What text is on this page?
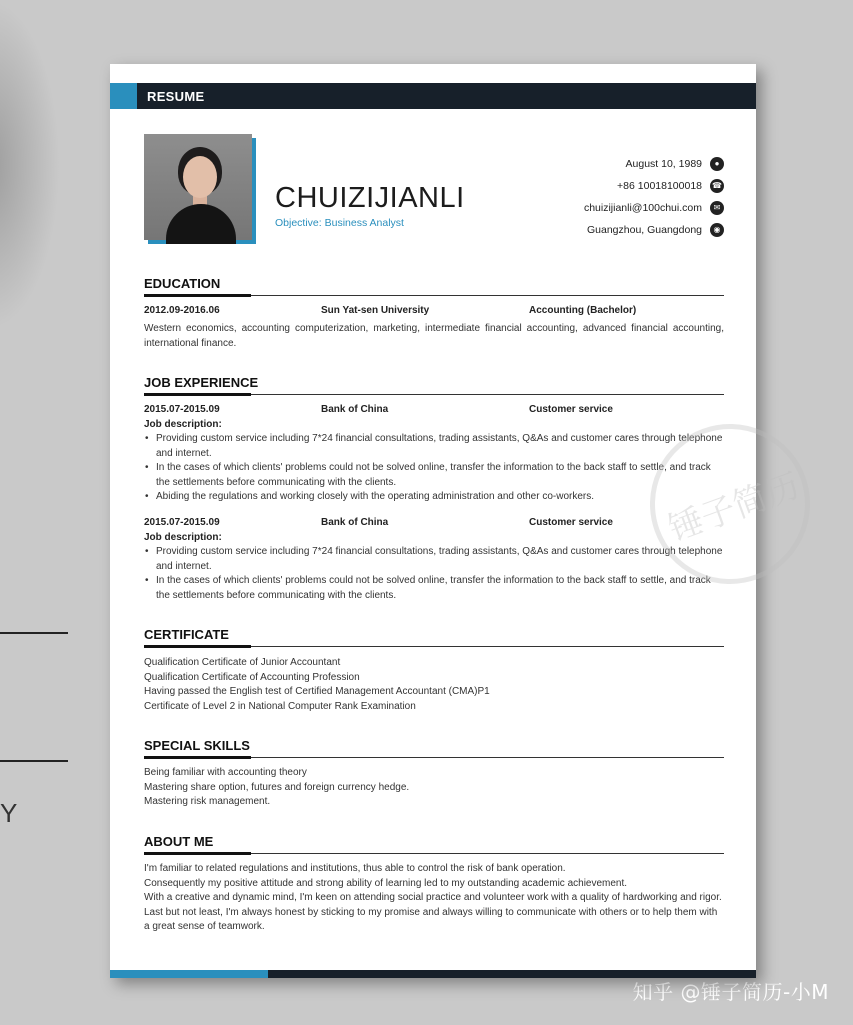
Y
知乎 @锤子简历-小M
RESUME
CHUIZIJIANLI
Objective: Business Analyst
August 10, 1989	●
+86 10018100018 ☎
chuizijianli@100chui.com	✉
Guangzhou, Guangdong	◉
EDUCATION
2012.09-2016.06	Sun Yat-sen University	Accounting (Bachelor)
Western economics, accounting computerization, marketing, intermediate financial accounting, advanced financial accounting, international finance.
JOB EXPERIENCE
2015.07-2015.09	Bank of China	Customer service
Job description:
• Providing custom service including 7*24 financial consultations, trading assistants, Q&As and customer cares through telephone and internet.
• In the cases of which clients' problems could not be solved online, transfer the information to the back staff to settle, and track the settlements before communicating with the clients.
• Abiding the regulations and working closely with the operating administration and other co-workers.
2015.07-2015.09	Bank of China	Customer service
Job description:
• Providing custom service including 7*24 financial consultations, trading assistants, Q&As and customer cares through telephone and internet.
• In the cases of which clients' problems could not be solved online, transfer the information to the back staff to settle, and track the settlements before communicating with the clients.
CERTIFICATE
Qualification Certificate of Junior Accountant
Qualification Certificate of Accounting Profession
Having passed the English test of Certified Management Accountant (CMA)P1
Certificate of Level 2 in National Computer Rank Examination
SPECIAL SKILLS
Being familiar with accounting theory
Mastering share option, futures and foreign currency hedge.
Mastering risk management.
ABOUT ME
I'm familiar to related regulations and institutions, thus able to control the risk of bank operation.
Consequently my positive attitude and strong ability of learning led to my outstanding academic achievement.
With a creative and dynamic mind, I'm keen on attending social practice and volunteer work with a quality of hardworking and rigor.
Last but not least, I'm always honest by sticking to my promise and always willing to communicate with others or to help them with a great sense of teamwork.
锤子简历
